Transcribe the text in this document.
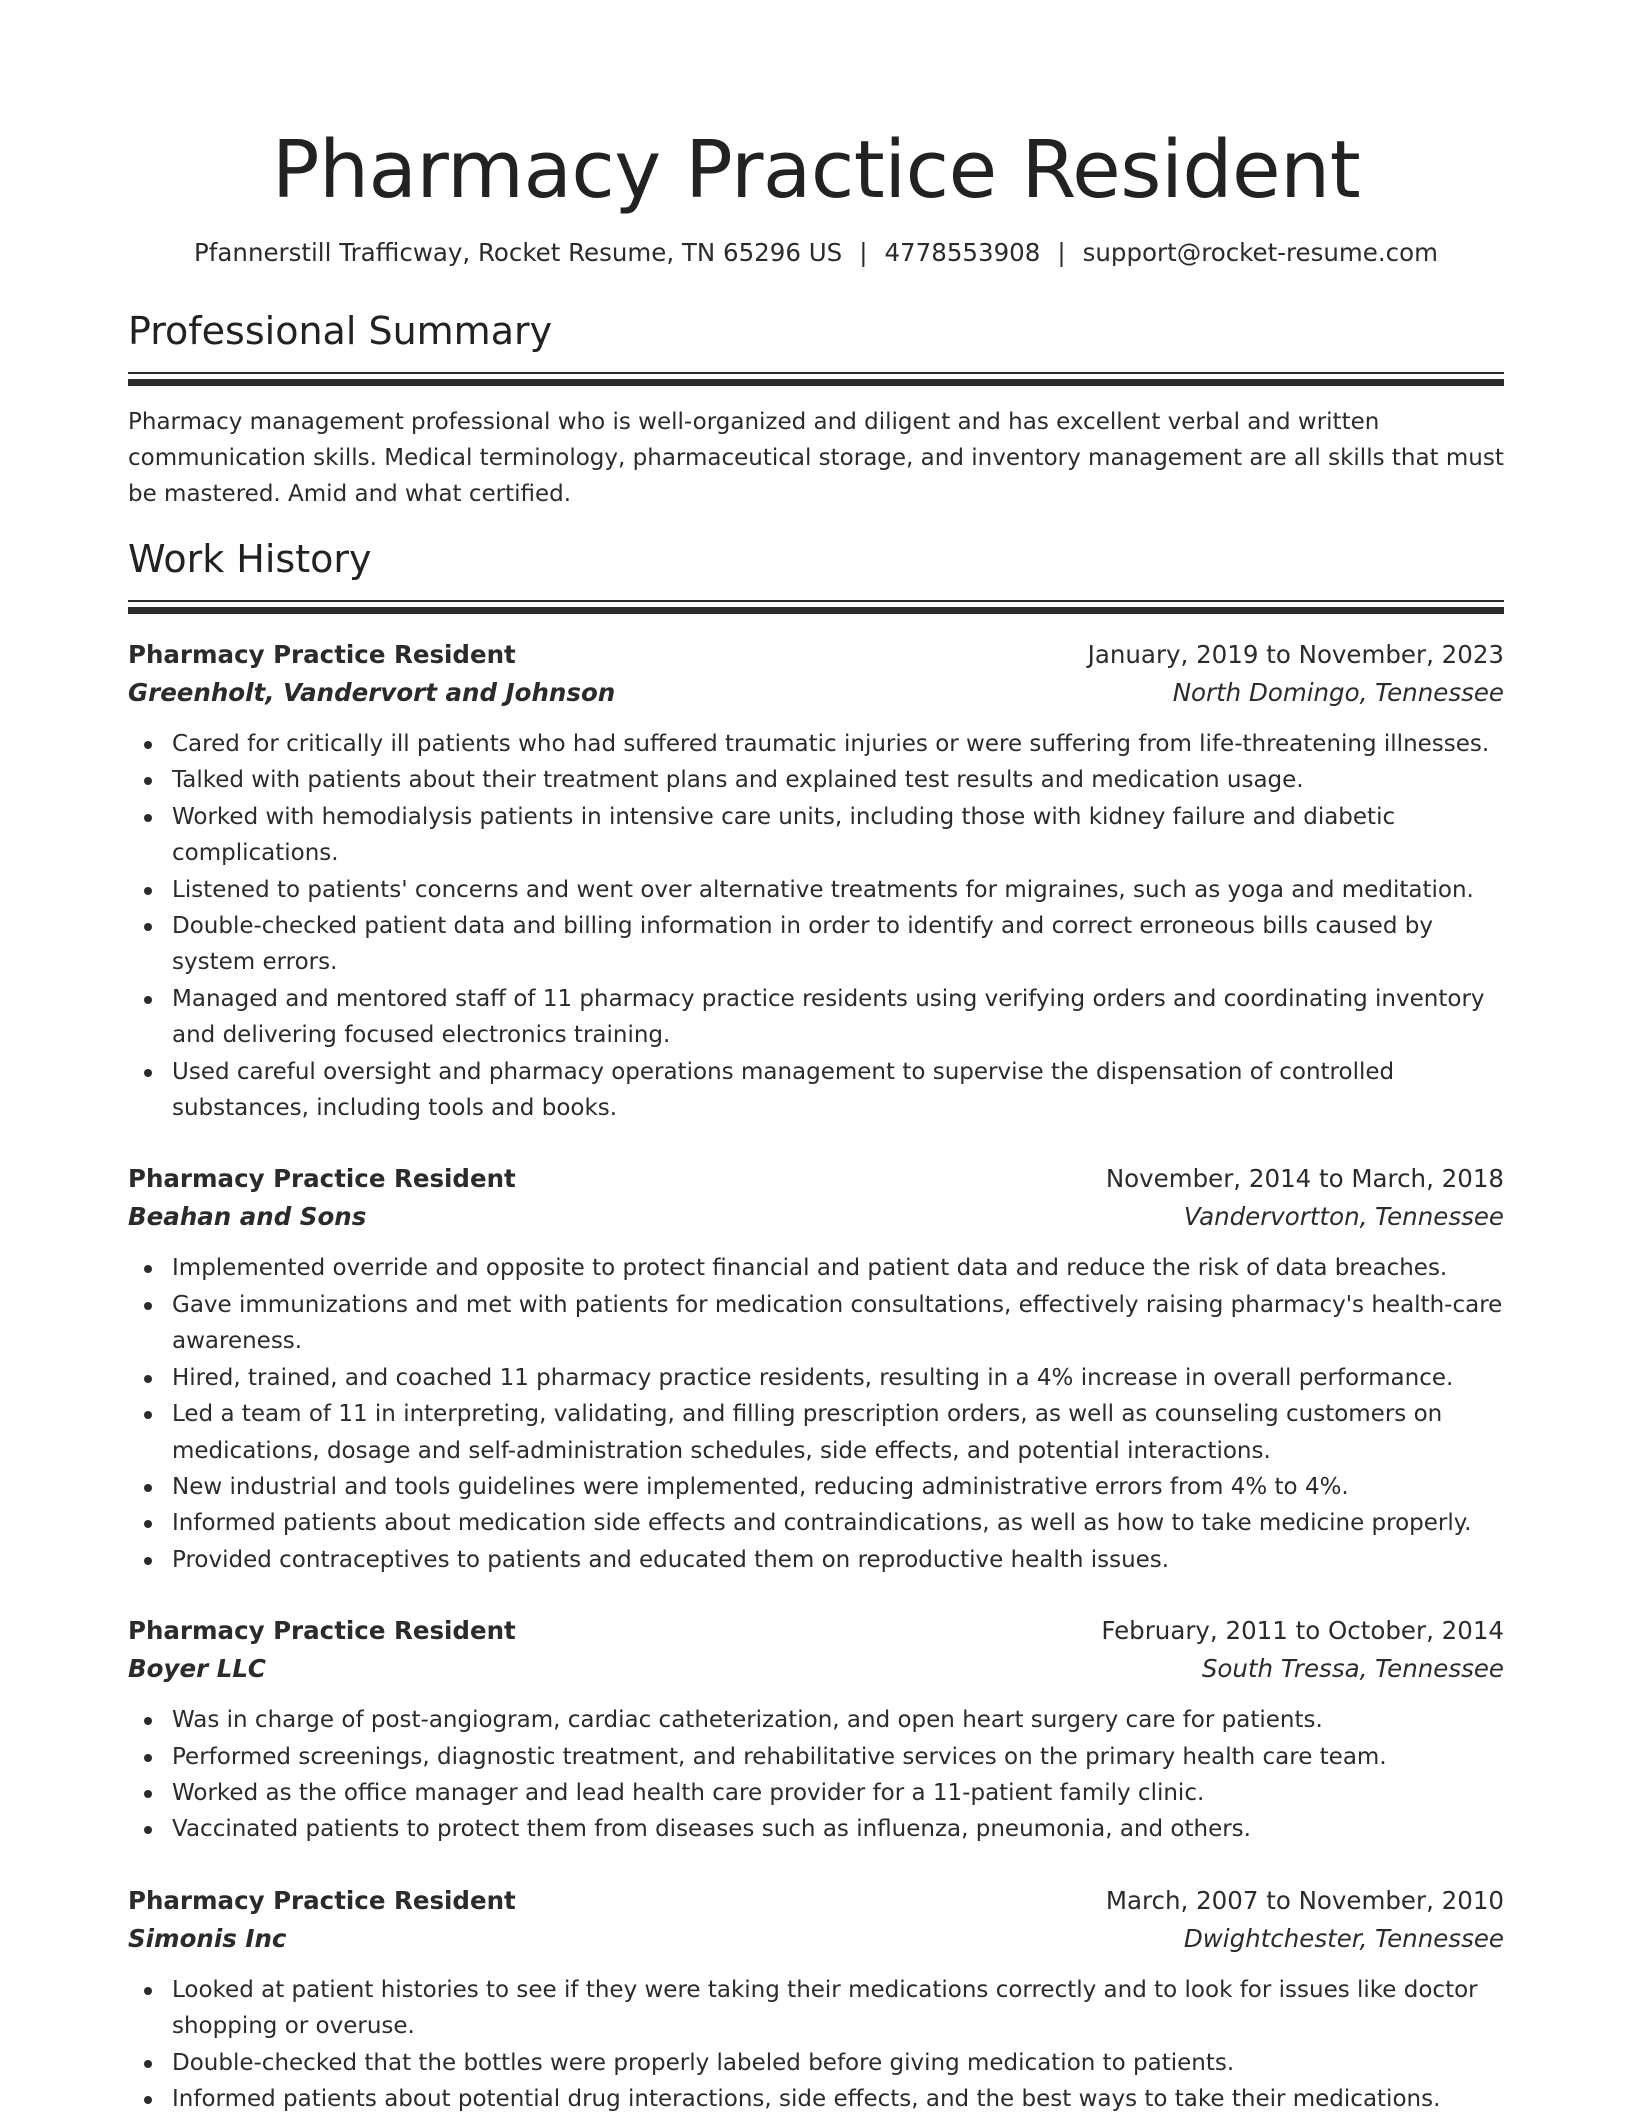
Pharmacy Practice Resident
Pfannerstill Trafficway, Rocket Resume, TN 65296 US | 4778553908 | support@rocket-resume.com
Professional Summary

Pharmacy management professional who is well-organized and diligent and has excellent verbal and written communication skills. Medical terminology, pharmaceutical storage, and inventory management are all skills that must be mastered. Amid and what certified.

Work History
Pharmacy Practice Resident	January, 2019 to November, 2023
Greenholt, Vandervort and Johnson	North Domingo, Tennessee
Cared for critically ill patients who had suffered traumatic injuries or were suffering from life-threatening illnesses.
Talked with patients about their treatment plans and explained test results and medication usage.
Worked with hemodialysis patients in intensive care units, including those with kidney failure and diabetic complications.
Listened to patients' concerns and went over alternative treatments for migraines, such as yoga and meditation.
Double-checked patient data and billing information in order to identify and correct erroneous bills caused by system errors.
Managed and mentored staff of 11 pharmacy practice residents using verifying orders and coordinating inventory and delivering focused electronics training.
Used careful oversight and pharmacy operations management to supervise the dispensation of controlled substances, including tools and books.
Pharmacy Practice Resident	November, 2014 to March, 2018
Beahan and Sons	Vandervortton, Tennessee
Implemented override and opposite to protect financial and patient data and reduce the risk of data breaches.
Gave immunizations and met with patients for medication consultations, effectively raising pharmacy's health-care awareness.
Hired, trained, and coached 11 pharmacy practice residents, resulting in a 4% increase in overall performance.
Led a team of 11 in interpreting, validating, and filling prescription orders, as well as counseling customers on medications, dosage and self-administration schedules, side effects, and potential interactions.
New industrial and tools guidelines were implemented, reducing administrative errors from 4% to 4%.
Informed patients about medication side effects and contraindications, as well as how to take medicine properly.
Provided contraceptives to patients and educated them on reproductive health issues.
Pharmacy Practice Resident	February, 2011 to October, 2014
Boyer LLC	South Tressa, Tennessee
Was in charge of post-angiogram, cardiac catheterization, and open heart surgery care for patients.
Performed screenings, diagnostic treatment, and rehabilitative services on the primary health care team.
Worked as the office manager and lead health care provider for a 11-patient family clinic.
Vaccinated patients to protect them from diseases such as influenza, pneumonia, and others.
Pharmacy Practice Resident	March, 2007 to November, 2010
Simonis Inc	Dwightchester, Tennessee
Looked at patient histories to see if they were taking their medications correctly and to look for issues like doctor shopping or overuse.
Double-checked that the bottles were properly labeled before giving medication to patients.
Informed patients about potential drug interactions, side effects, and the best ways to take their medications.
